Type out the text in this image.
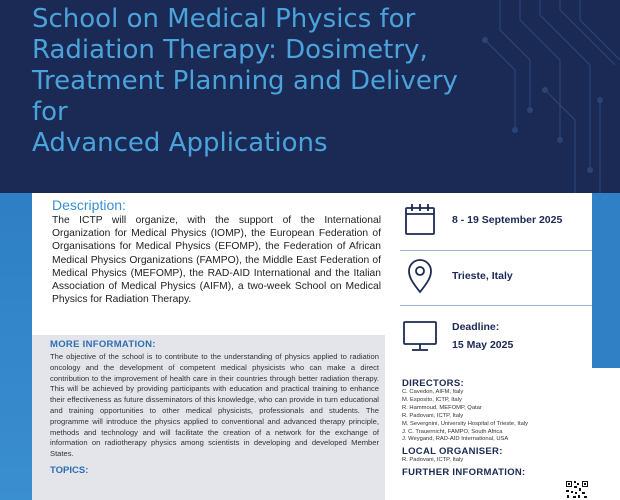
School on Medical Physics for
Radiation Therapy: Dosimetry,
Treatment Planning and Delivery for
Advanced Applications
Description:

The ICTP will organize, with the support of the International Organization for Medical Physics (IOMP), the European Federation of Organisations for Medical Physics (EFOMP), the Federation of African Medical Physics Organizations (FAMPO), the Middle East Federation of Medical Physics (MEFOMP), the RAD-AID International and the Italian Association of Medical Physics (AIFM), a two-week School on Medical Physics for Radiation Therapy.

MORE INFORMATION:

The objective of the school is to contribute to the understanding of physics applied to radiation oncology and the development of competent medical physicists who can make a direct contribution to the improvement of health care in their countries through better radiation therapy. This will be achieved by providing participants with education and practical training to enhance their effectiveness as future disseminators of this knowledge, who can provide in turn educational and training opportunities to other medical physicists, professionals and students. The programme will introduce the physics applied to conventional and advanced therapy principle, methods and technology and will facilitate the creation of a network for the exchange of information on radiotherapy physics among scientists in developing and developed Member States.

TOPICS:
8 - 19 September 2025
Trieste, Italy
Deadline:
15 May 2025
DIRECTORS:
C. Cavedon, AIFM, Italy
M. Esposito, ICTP, Italy
R. Hammoud, MEFOMP, Qatar
R. Padovani, ICTP, Italy
M. Severgnini, University Hospital of Trieste, Italy
J. C. Trauernicht, FAMPO, South Africa
J. Weygand, RAD-AID International, USA
LOCAL ORGANISER:
R. Padovani, ICTP, Italy
FURTHER INFORMATION:
